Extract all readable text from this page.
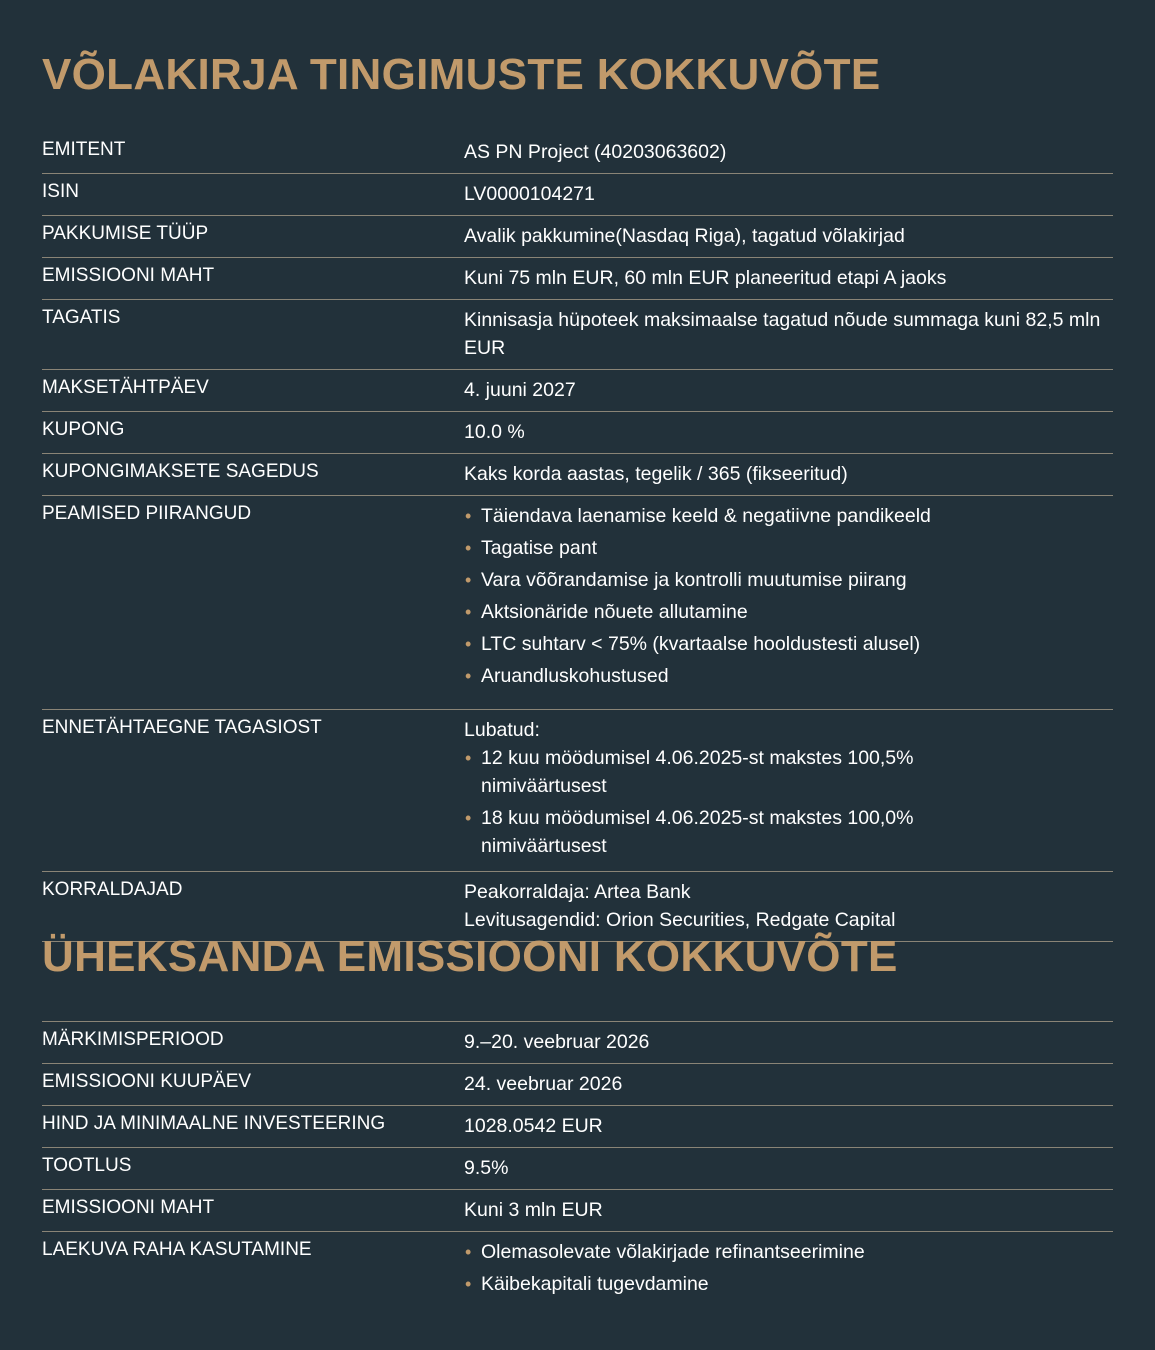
VÕLAKIRJA TINGIMUSTE KOKKUVÕTE
EMITENT	AS PN Project (40203063602)
ISIN	LV0000104271
PAKKUMISE TÜÜP	Avalik pakkumine(Nasdaq Riga), tagatud võlakirjad
EMISSIOONI MAHT	Kuni 75 mln EUR, 60 mln EUR planeeritud etapi A jaoks
TAGATIS	Kinnisasja hüpoteek maksimaalse tagatud nõude summaga kuni 82,5 mln EUR
MAKSETÄHTPÄEV	4. juuni 2027
KUPONG	10.0 %
KUPONGIMAKSETE SAGEDUS	Kaks korda aastas, tegelik / 365 (fikseeritud)
PEAMISED PIIRANGUD	• Täiendava laenamise keeld & negatiivne pandikeeld
• Tagatise pant
• Vara võõrandamise ja kontrolli muutumise piirang
• Aktsionäride nõuete allutamine
• LTC suhtarv < 75% (kvartaalse hooldustesti alusel)
• Aruandluskohustused
ENNETÄHTAEGNE TAGASIOST	Lubatud:
• 12 kuu möödumisel 4.06.2025-st makstes 100,5% nimiväärtusest
• 18 kuu möödumisel 4.06.2025-st makstes 100,0% nimiväärtusest
KORRALDAJAD	Peakorraldaja: Artea Bank
Levitusagendid: Orion Securities, Redgate Capital
ÜHEKSANDA EMISSIOONI KOKKUVÕTE
MÄRKIMISPERIOOD	9.–20. veebruar 2026
EMISSIOONI KUUPÄEV	24. veebruar 2026
HIND JA MINIMAALNE INVESTEERING	1028.0542 EUR
TOOTLUS	9.5%
EMISSIOONI MAHT	Kuni 3 mln EUR
LAEKUVA RAHA KASUTAMINE	• Olemasolevate võlakirjade refinantseerimine
• Käibekapitali tugevdamine
